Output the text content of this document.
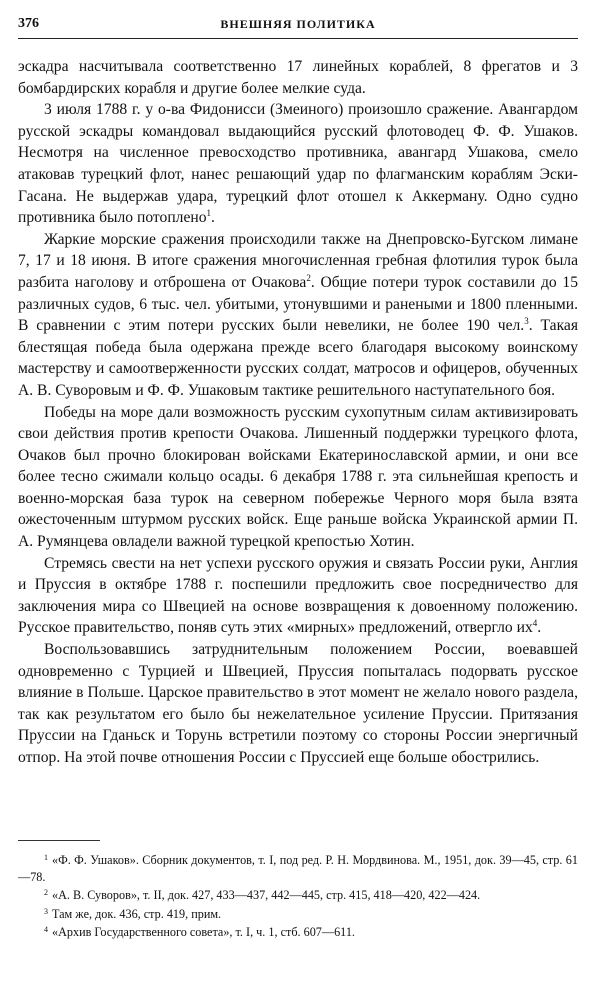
376	ВНЕШНЯЯ ПОЛИТИКА

эскадра насчитывала соответственно 17 линейных кораблей, 8 фрегатов и 3 бомбардирских корабля и другие более мелкие суда.

3 июля 1788 г. у о-ва Фидонисси (Змеиного) произошло сражение. Авангардом русской эскадры командовал выдающийся русский флотоводец Ф. Ф. Ушаков. Несмотря на численное превосходство противника, авангард Ушакова, смело атаковав турецкий флот, нанес решающий удар по флагманским кораблям Эски-Гасана. Не выдержав удара, турецкий флот отошел к Аккерману. Одно судно противника было потоплено$^1$.

Жаркие морские сражения происходили также на Днепровско-Бугском лимане 7, 17 и 18 июня. В итоге сражения многочисленная гребная флотилия турок была разбита наголову и отброшена от Очакова$^2$. Общие потери турок составили до 15 различных судов, 6 тыс. чел. убитыми, утонувшими и ранеными и 1800 пленными. В сравнении с этим потери русских были невелики, не более 190 чел.$^3$. Такая блестящая победа была одержана прежде всего благодаря высокому воинскому мастерству и самоотверженности русских солдат, матросов и офицеров, обученных А. В. Суворовым и Ф. Ф. Ушаковым тактике решительного наступательного боя.

Победы на море дали возможность русским сухопутным силам активизировать свои действия против крепости Очакова. Лишенный поддержки турецкого флота, Очаков был прочно блокирован войсками Екатеринославской армии, и они все более тесно сжимали кольцо осады. 6 декабря 1788 г. эта сильнейшая крепость и военно-морская база турок на северном побережье Черного моря была взята ожесточенным штурмом русских войск. Еще раньше войска Украинской армии П. А. Румянцева овладели важной турецкой крепостью Хотин.

Стремясь свести на нет успехи русского оружия и связать России руки, Англия и Пруссия в октябре 1788 г. поспешили предложить свое посредничество для заключения мира со Швецией на основе возвращения к довоенному положению. Русское правительство, поняв суть этих «мирных» предложений, отвергло $их^4$.

Воспользовавшись затруднительным положением России, воевавшей одновременно с Турцией и Швецией, Пруссия попыталась подорвать русское влияние в Польше. Царское правительство в этот момент не желало нового раздела, так как результатом его было бы нежелательное усиление Пруссии. Притязания Пруссии на Гданьск и Торунь встретили поэтому со стороны России энергичный отпор. На этой почве отношения России с Пруссией еще больше обострились.

$^1$ «Ф. Ф. Ушаков». Сборник документов, т. I, под ред. Р. Н. Мордвинова. М., 1951, док. 39—45, стр. 61—78.

$^2$ «А. В. Суворов», т. II, док. 427, 433—437, 442—445, стр. 415, 418—420, 422—424.

$^3$ Там же, док. 436, стр. 419, прим.

$^4$ «Архив Государственного совета», т. I, ч. 1, стб. 607—611.
